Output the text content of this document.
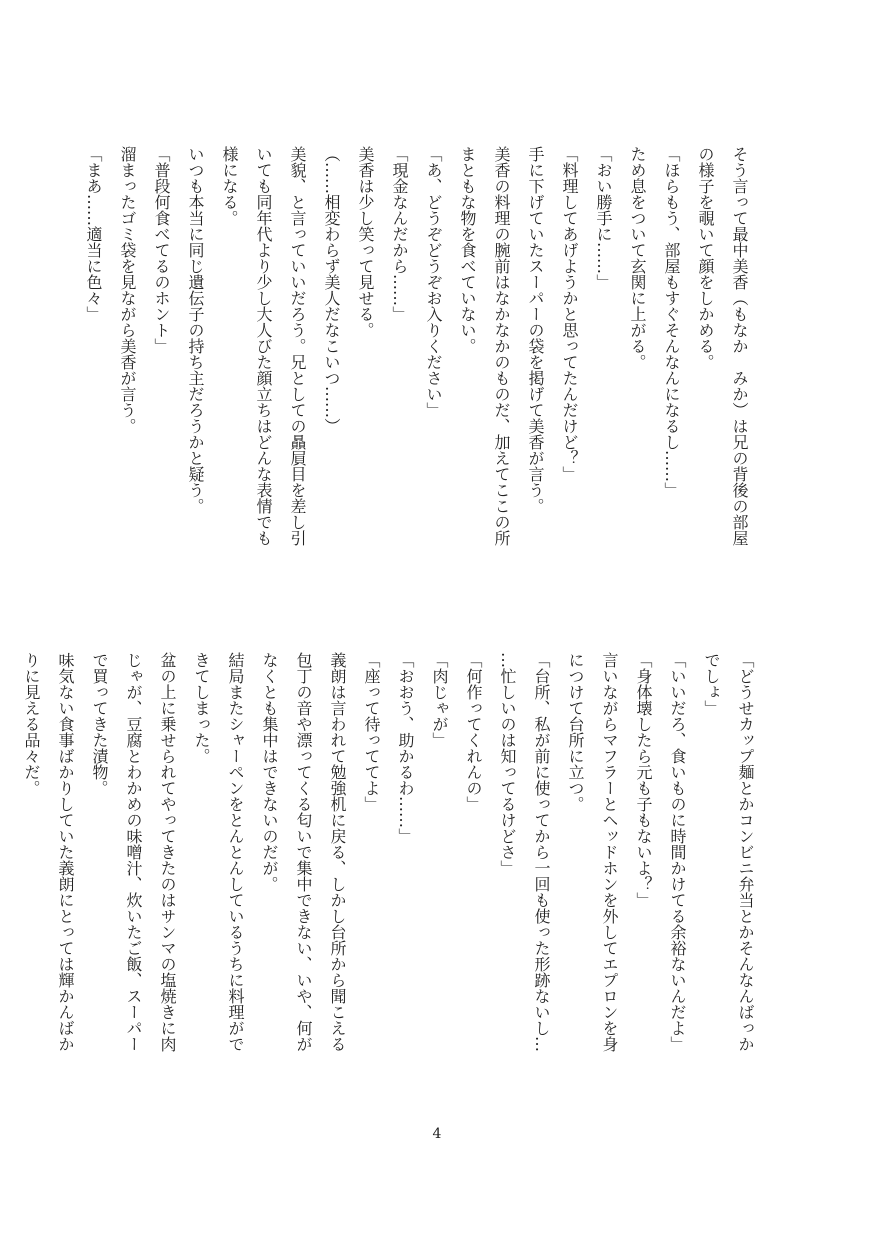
そう言って最中美香（もなか　みか）は兄の背後の部屋
の様子を覗いて顔をしかめる。
「ほらもう、部屋もすぐそんなんになるし……」
ため息をついて玄関に上がる。
「おい勝手に……」
「料理してあげようかと思ってたんだけど？」
手に下げていたスーパーの袋を掲げて美香が言う。
美香の料理の腕前はなかなかのものだ、加えてここの所
まともな物を食べていない。
「あ、どうぞどうぞお入りください」
「現金なんだから……」
美香は少し笑って見せる。
（……相変わらず美人だなこいつ……）
美貌、と言っていいだろう。兄としての贔屓目を差し引
いても同年代より少し大人びた顔立ちはどんな表情でも
様になる。
いつも本当に同じ遺伝子の持ち主だろうかと疑う。
「普段何食べてるのホント」
溜まったゴミ袋を見ながら美香が言う。
「まあ……適当に色々」
「どうせカップ麺とかコンビニ弁当とかそんなんばっか
でしょ」
「いいだろ、食いものに時間かけてる余裕ないんだよ」
「身体壊したら元も子もないよ？」
言いながらマフラーとヘッドホンを外してエプロンを身
につけて台所に立つ。
「台所、私が前に使ってから一回も使った形跡ないし…
…忙しいのは知ってるけどさ」
「何作ってくれんの」
「肉じゃが」
「おおう、助かるわ……」
「座って待っててよ」
義朗は言われて勉強机に戻る、しかし台所から聞こえる
包丁の音や漂ってくる匂いで集中できない、いや、何が
なくとも集中はできないのだが。
結局またシャーペンをとんとんしているうちに料理がで
きてしまった。
盆の上に乗せられてやってきたのはサンマの塩焼きに肉
じゃが、豆腐とわかめの味噌汁、炊いたご飯、スーパー
で買ってきた漬物。
味気ない食事ばかりしていた義朗にとっては輝かんばか
りに見える品々だ。
4
